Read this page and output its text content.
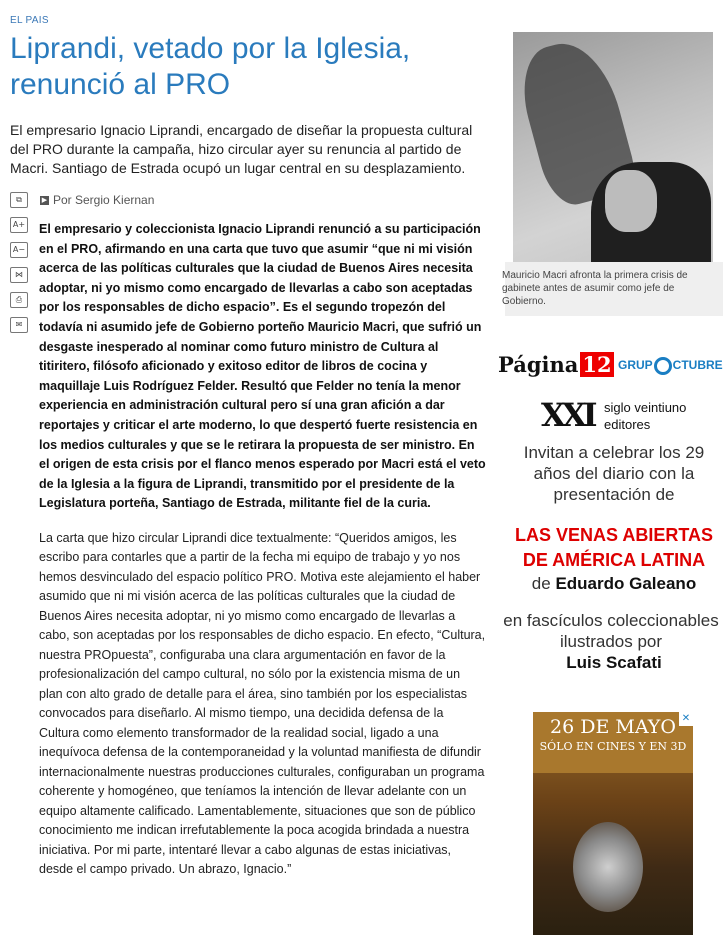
EL PAIS
Liprandi, vetado por la Iglesia, renunció al PRO

El empresario Ignacio Liprandi, encargado de diseñar la propuesta cultural del PRO durante la campaña, hizo circular ayer su renuncia al partido de Macri. Santiago de Estrada ocupó un lugar central en su desplazamiento.

▶ Por Sergio Kiernan
⧉
A+
A−
⋈
⎙
✉

El empresario y coleccionista Ignacio Liprandi renunció a su participación en el PRO, afirmando en una carta que tuvo que asumir “que ni mi visión acerca de las políticas culturales que la ciudad de Buenos Aires necesita adoptar, ni yo mismo como encargado de llevarlas a cabo son aceptadas por los responsables de dicho espacio”. Es el segundo tropezón del todavía ni asumido jefe de Gobierno porteño Mauricio Macri, que sufrió un desgaste inesperado al nominar como futuro ministro de Cultura al titiritero, filósofo aficionado y exitoso editor de libros de cocina y maquillaje Luis Rodríguez Felder. Resultó que Felder no tenía la menor experiencia en administración cultural pero sí una gran afición a dar reportajes y criticar el arte moderno, lo que despertó fuerte resistencia en los medios culturales y que se le retirara la propuesta de ser ministro. En el origen de esta crisis por el flanco menos esperado por Macri está el veto de la Iglesia a la figura de Liprandi, transmitido por el presidente de la Legislatura porteña, Santiago de Estrada, militante fiel de la curia.

La carta que hizo circular Liprandi dice textualmente: “Queridos amigos, les escribo para contarles que a partir de la fecha mi equipo de trabajo y yo nos hemos desvinculado del espacio político PRO. Motiva este alejamiento el haber asumido que ni mi visión acerca de las políticas culturales que la ciudad de Buenos Aires necesita adoptar, ni yo mismo como encargado de llevarlas a cabo, son aceptadas por los responsables de dicho espacio. En efecto, “Cultura, nuestra PROpuesta”, configuraba una clara argumentación en favor de la profesionalización del campo cultural, no sólo por la existencia misma de un plan con alto grado de detalle para el área, sino también por los especialistas convocados para diseñarlo. Al mismo tiempo, una decidida defensa de la Cultura como elemento transformador de la realidad social, ligado a una inequívoca defensa de la contemporaneidad y la voluntad manifiesta de difundir internacionalmente nuestras producciones culturales, configuraban un programa coherente y homogéneo, que teníamos la intención de llevar adelante con un equipo altamente calificado. Lamentablemente, situaciones que son de público conocimiento me indican irrefutablemente la poca acogida brindada a nuestra iniciativa. Por mi parte, intentaré llevar a cabo algunas de estas iniciativas, desde el campo privado. Un abrazo, Ignacio.”

Mauricio Macri afronta la primera crisis de gabinete antes de asumir como jefe de Gobierno.
Página 12 GRUP CTUBRE
XXI siglo veintiuno
editores
Invitan a celebrar los 29 años del diario con la presentación de
LAS VENAS ABIERTAS
DE AMÉRICA LATINA
de Eduardo Galeano
en fascículos coleccionables ilustrados por
Luis Scafati
26 DE MAYO
SÓLO EN CINES Y EN 3D
✕
